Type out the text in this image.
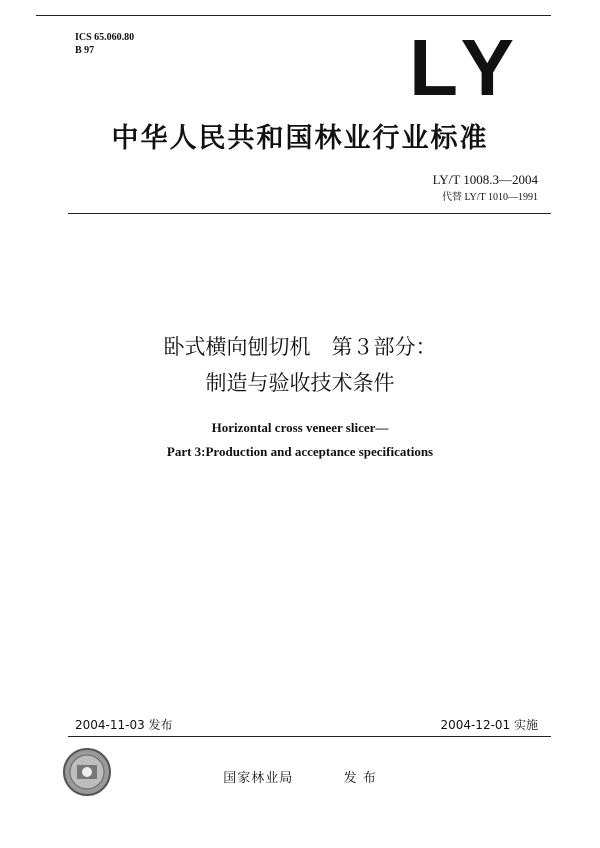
ICS 65.060.80
B 97	LY
中华人民共和国林业行业标准
LY/T 1008.3—2004
代替 LY/T 1010—1991
卧式横向刨切机　第３部分：
制造与验收技术条件
Horizontal cross veneer slicer—
Part 3:Production and acceptance specifications
2004-11-03 发布	2004-12-01 实施
国家林业局	发 布
